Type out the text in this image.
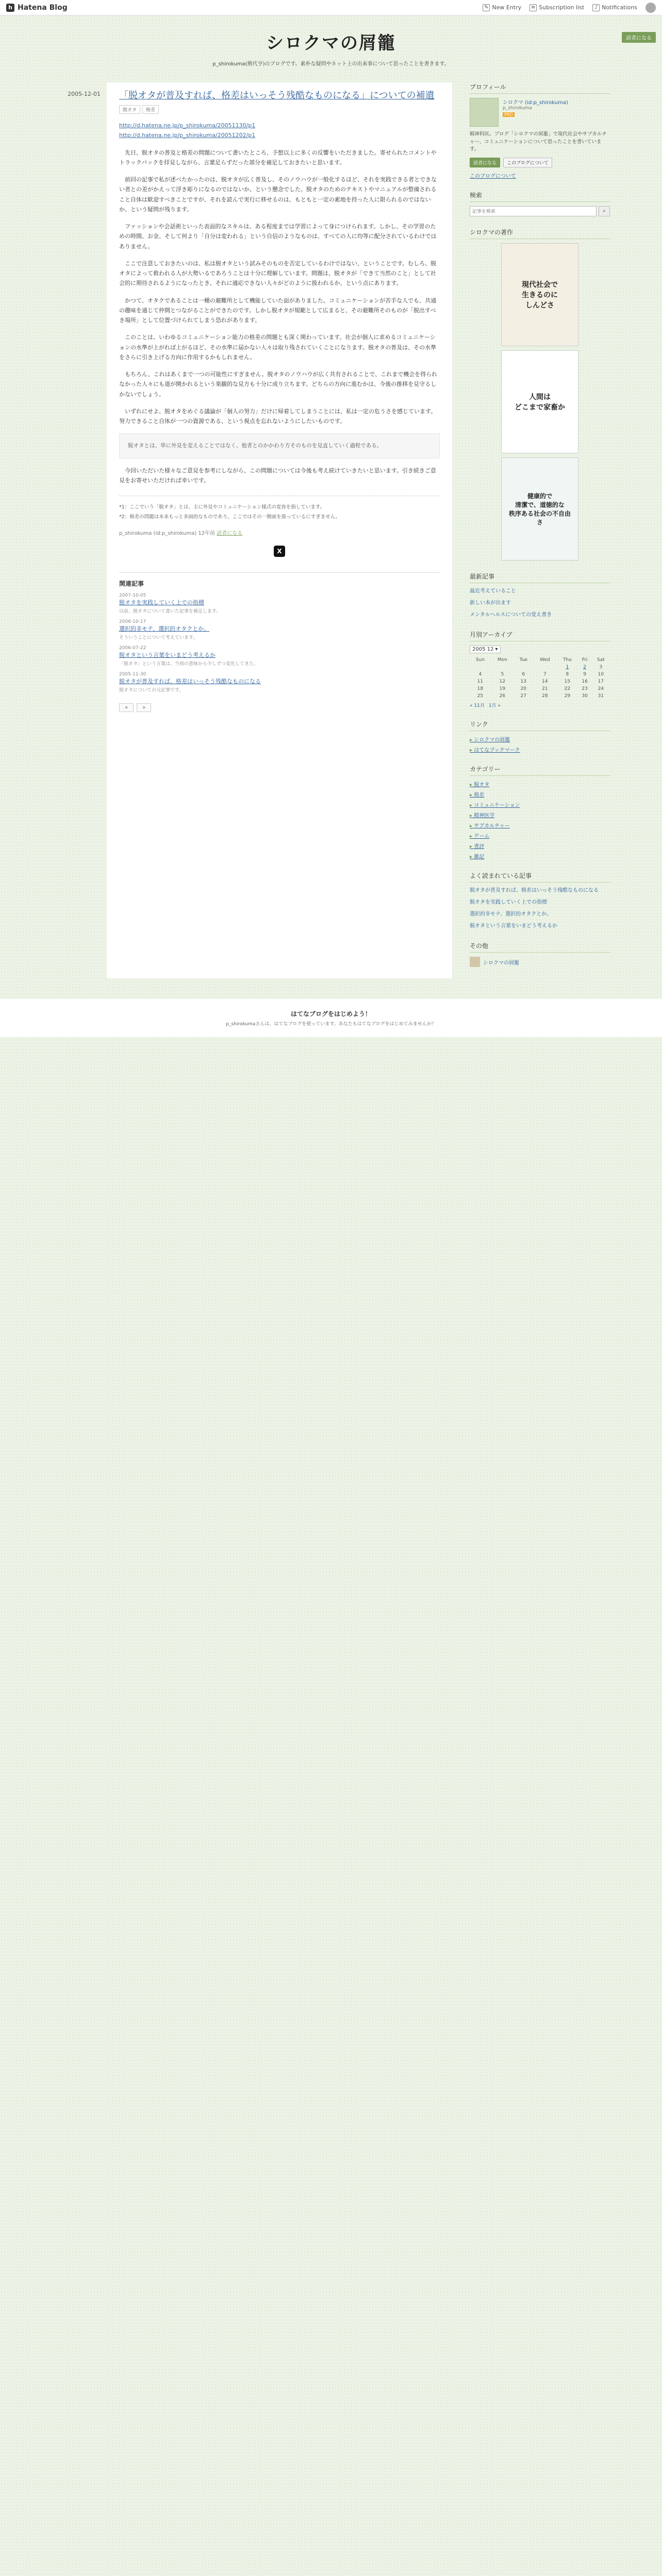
h Hatena Blog	✎ New Entry ≡ Subscription list	♪ Notifications
読者になる
シロクマの屑籠
p_shirokuma(熊代亨)のブログです。素朴な疑問やネット上の出来事について思ったことを書きます。
2005-12-01	「脱オタが普及すれば、格差はいっそう残酷なものになる」についての補遺
脱オタ	格差
http://d.hatena.ne.jp/p_shirokuma/20051130/p1
http://d.hatena.ne.jp/p_shirokuma/20051202/p1

先日、脱オタの普及と格差の問題について書いたところ、予想以上に多くの反響をいただきました。寄せられたコメントやトラックバックを拝見しながら、言葉足らずだった部分を補足しておきたいと思います。

前回の記事で私が述べたかったのは、脱オタが広く普及し、そのノウハウが一般化するほど、それを実践できる者とできない者との差がかえって浮き彫りになるのではないか、という懸念でした。脱オタのためのテキストやマニュアルが整備されること自体は歓迎すべきことですが、それを読んで実行に移せるのは、もともと一定の素地を持った人に限られるのではないか、という疑問が残ります。

ファッションや会話術といった表面的なスキルは、ある程度までは学習によって身につけられます。しかし、その学習のための時間、お金、そして何より「自分は変われる」という自信のようなものは、すべての人に均等に配分されているわけではありません。

ここで注意しておきたいのは、私は脱オタという試みそのものを否定しているわけではない、ということです。むしろ、脱オタによって救われる人が大勢いるであろうことは十分に理解しています。問題は、脱オタが「できて当然のこと」として社会的に期待されるようになったとき、それに適応できない人々がどのように扱われるか、という点にあります。

かつて、オタクであることは一種の避難所として機能していた面がありました。コミュニケーションが苦手な人でも、共通の趣味を通じて仲間とつながることができたのです。しかし脱オタが規範として広まると、その避難所そのものが「脱出すべき場所」として位置づけられてしまう恐れがあります。

このことは、いわゆるコミュニケーション能力の格差の問題とも深く関わっています。社会が個人に求めるコミュニケーションの水準が上がれば上がるほど、その水準に届かない人々は取り残されていくことになります。脱オタの普及は、その水準をさらに引き上げる方向に作用するかもしれません。

もちろん、これはあくまで一つの可能性にすぎません。脱オタのノウハウが広く共有されることで、これまで機会を得られなかった人々にも道が開かれるという楽観的な見方も十分に成り立ちます。どちらの方向に進むかは、今後の推移を見守るしかないでしょう。

いずれにせよ、脱オタをめぐる議論が「個人の努力」だけに帰着してしまうことには、私は一定の危うさを感じています。努力できること自体が一つの資源である、という視点を忘れないようにしたいものです。

脱オタとは、単に外見を変えることではなく、他者とのかかわり方そのものを見直していく過程である。

今回いただいた様々なご意見を参考にしながら、この問題については今後も考え続けていきたいと思います。引き続きご意見をお寄せいただければ幸いです。

*1：ここでいう「脱オタ」とは、主に外見やコミュニケーション様式の変容を指しています。

*2：格差の問題は本来もっと多面的なものであり、ここではその一側面を扱っているにすぎません。

p_shirokuma (id:p_shirokuma) 12年前 読者になる
X
関連記事
2007-10-05
脱オタを実践していく上での指標
以前、脱オタについて書いた記事を補足します。
2006-10-17
選択的非モテ、選択的オタクとか。
そういうことについて考えています。
2006-07-22
脱オタという言葉をいまどう考えるか
「脱オタ」という言葉は、当初の意味から少しずつ変化してきた。
2005-11-30
脱オタが普及すれば、格差はいっそう残酷なものになる
脱オタについての元記事です。
«	»
プロフィール
シロクマ (id:p_shirokuma)
p_shirokuma
PRO
精神科医。ブログ「シロクマの屑籠」で現代社会やサブカルチャー、コミュニケーションについて思ったことを書いています。
読者になる	このブログについて
このブログについて
検索
記事を検索
⌕
シロクマの著作
現代社会で
生きるのに
しんどさ
人間は
どこまで家畜か
健康的で
清潔で、道徳的な
秩序ある社会の不自由さ
最新記事
最近考えていること
新しい本が出ます
メンタルヘルスについての覚え書き
月別アーカイブ
2005 12 ▾
Sun	Mon	Tue	Wed	Thu	Fri	Sat
				1	2	3
4	5	6	7	8	9	10
11	12	13	14	15	16	17
18	19	20	21	22	23	24
25	26	27	28	29	30	31
« 11月 1月 »
リンク
▸ シロクマの屑籠
▸ はてなブックマーク
カテゴリー
▸ 脱オタ
▸ 格差
▸ コミュニケーション
▸ 精神医学
▸ サブカルチャー
▸ ゲーム
▸ 書評
▸ 雑記
よく読まれている記事
脱オタが普及すれば、格差はいっそう残酷なものになる
脱オタを実践していく上での指標
選択的非モテ、選択的オタクとか。
脱オタという言葉をいまどう考えるか
その他
シロクマの屑籠
はてなブログをはじめよう！
p_shirokumaさんは、はてなブログを使っています。あなたもはてなブログをはじめてみませんか？
